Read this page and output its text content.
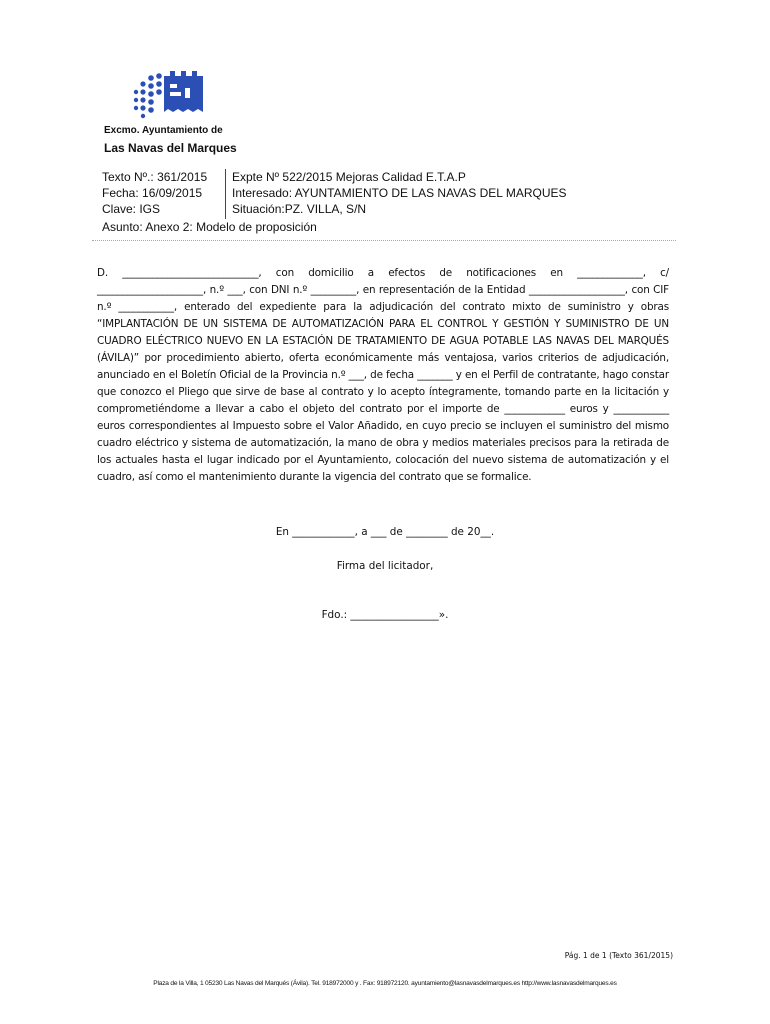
Excmo. Ayuntamiento de
Las Navas del Marques
Texto Nº.: 361/2015
Fecha: 16/09/2015
Clave: IGS
Expte Nº 522/2015 Mejoras Calidad E.T.A.P
Interesado: AYUNTAMIENTO DE LAS NAVAS DEL MARQUES
Situación:PZ. VILLA, S/N
Asunto: Anexo 2: Modelo de proposición
D. ___________________________, con domicilio a efectos de notificaciones en _____________, c/ _____________________, n.º ___, con DNI n.º _________, en representación de la Entidad ___________________, con CIF n.º ___________, enterado del expediente para la adjudicación del contrato mixto de suministro y obras “IMPLANTACIÓN DE UN SISTEMA DE AUTOMATIZACIÓN PARA EL CONTROL Y GESTIÓN Y SUMINISTRO DE UN CUADRO ELÉCTRICO NUEVO EN LA ESTACIÓN DE TRATAMIENTO DE AGUA POTABLE LAS NAVAS DEL MARQUÉS (ÁVILA)” por procedimiento abierto, oferta económicamente más ventajosa, varios criterios de adjudicación, anunciado en el Boletín Oficial de la Provincia n.º ___, de fecha _______ y en el Perfil de contratante, hago constar que conozco el Pliego que sirve de base al contrato y lo acepto íntegramente, tomando parte en la licitación y comprometiéndome a llevar a cabo el objeto del contrato por el importe de ____________ euros y ___________ euros correspondientes al Impuesto sobre el Valor Añadido, en cuyo precio se incluyen el suministro del mismo cuadro eléctrico y sistema de automatización, la mano de obra y medios materiales precisos para la retirada de los actuales hasta el lugar indicado por el Ayuntamiento, colocación del nuevo sistema de automatización y el cuadro, así como el mantenimiento durante la vigencia del contrato que se formalice.
En ____________, a ___ de ________ de 20__.
Firma del licitador,
Fdo.: _________________».
Pág. 1 de 1 (Texto 361/2015)
Plaza de la Villa, 1 05230 Las Navas del Marqués (Ávila). Tel. 918972000 y . Fax: 918972120. ayuntamiento@lasnavasdelmarques.es http://www.lasnavasdelmarques.es
